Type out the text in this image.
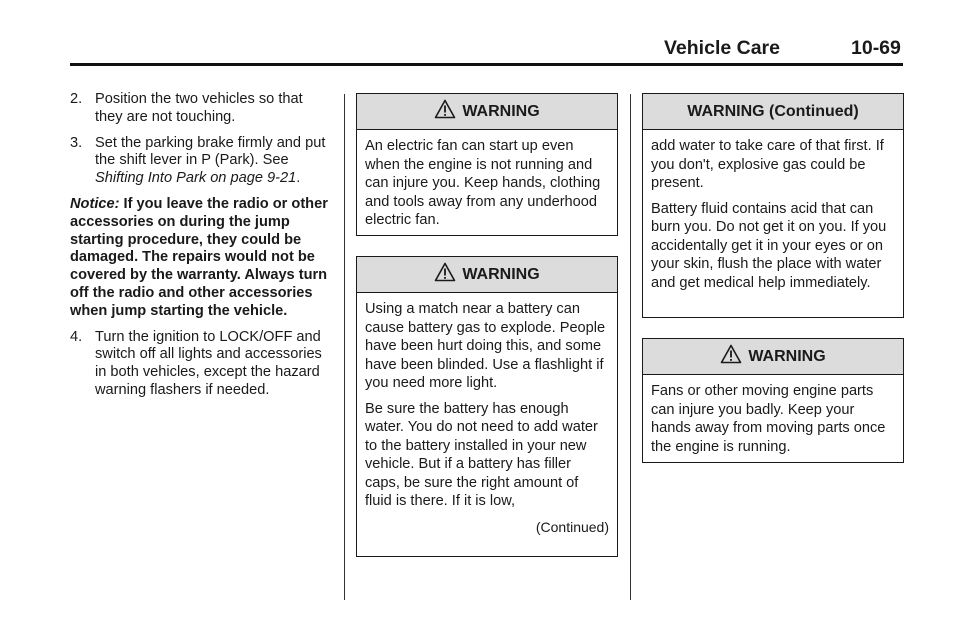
Vehicle Care	10-69
2. Position the two vehicles so that they are not touching.
3. Set the parking brake firmly and put the shift lever in P (Park). See Shifting Into Park on page 9-21.
Notice: If you leave the radio or other accessories on during the jump starting procedure, they could be damaged. The repairs would not be covered by the warranty. Always turn off the radio and other accessories when jump starting the vehicle.
4. Turn the ignition to LOCK/OFF and switch off all lights and accessories in both vehicles, except the hazard warning flashers if needed.
WARNING

An electric fan can start up even when the engine is not running and can injure you. Keep hands, clothing and tools away from any underhood electric fan.

WARNING

Using a match near a battery can cause battery gas to explode. People have been hurt doing this, and some have been blinded. Use a flashlight if you need more light.

Be sure the battery has enough water. You do not need to add water to the battery installed in your new vehicle. But if a battery has filler caps, be sure the right amount of fluid is there. If it is low,

(Continued)
WARNING (Continued)

add water to take care of that first. If you don't, explosive gas could be present.

Battery fluid contains acid that can burn you. Do not get it on you. If you accidentally get it in your eyes or on your skin, flush the place with water and get medical help immediately.

WARNING

Fans or other moving engine parts can injure you badly. Keep your hands away from moving parts once the engine is running.
